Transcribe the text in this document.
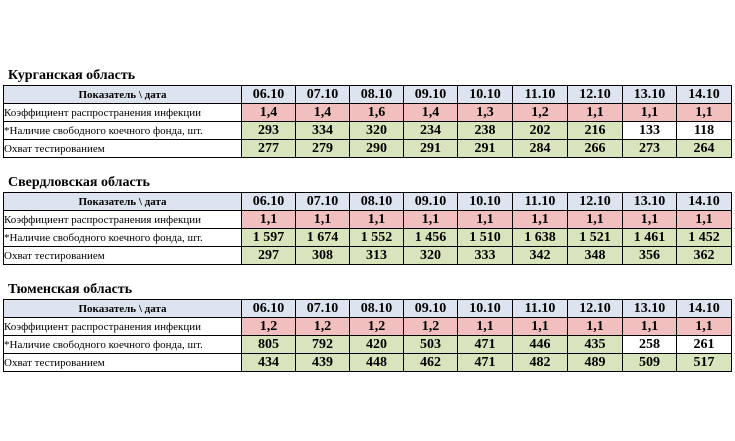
Курганская область
Показатель \ дата	06.10	07.10	08.10	09.10	10.10	11.10	12.10	13.10	14.10
Коэффициент распространения инфекции	1,4	1,4	1,6	1,4	1,3	1,2	1,1	1,1	1,1
*Наличие свободного коечного фонда, шт.	293	334	320	234	238	202	216	133	118
Охват тестированием	277	279	290	291	291	284	266	273	264
Свердловская область
Показатель \ дата	06.10	07.10	08.10	09.10	10.10	11.10	12.10	13.10	14.10
Коэффициент распространения инфекции	1,1	1,1	1,1	1,1	1,1	1,1	1,1	1,1	1,1
*Наличие свободного коечного фонда, шт.	1 597	1 674	1 552	1 456	1 510	1 638	1 521	1 461	1 452
Охват тестированием	297	308	313	320	333	342	348	356	362
Тюменская область
Показатель \ дата	06.10	07.10	08.10	09.10	10.10	11.10	12.10	13.10	14.10
Коэффициент распространения инфекции	1,2	1,2	1,2	1,2	1,1	1,1	1,1	1,1	1,1
*Наличие свободного коечного фонда, шт.	805	792	420	503	471	446	435	258	261
Охват тестированием	434	439	448	462	471	482	489	509	517
